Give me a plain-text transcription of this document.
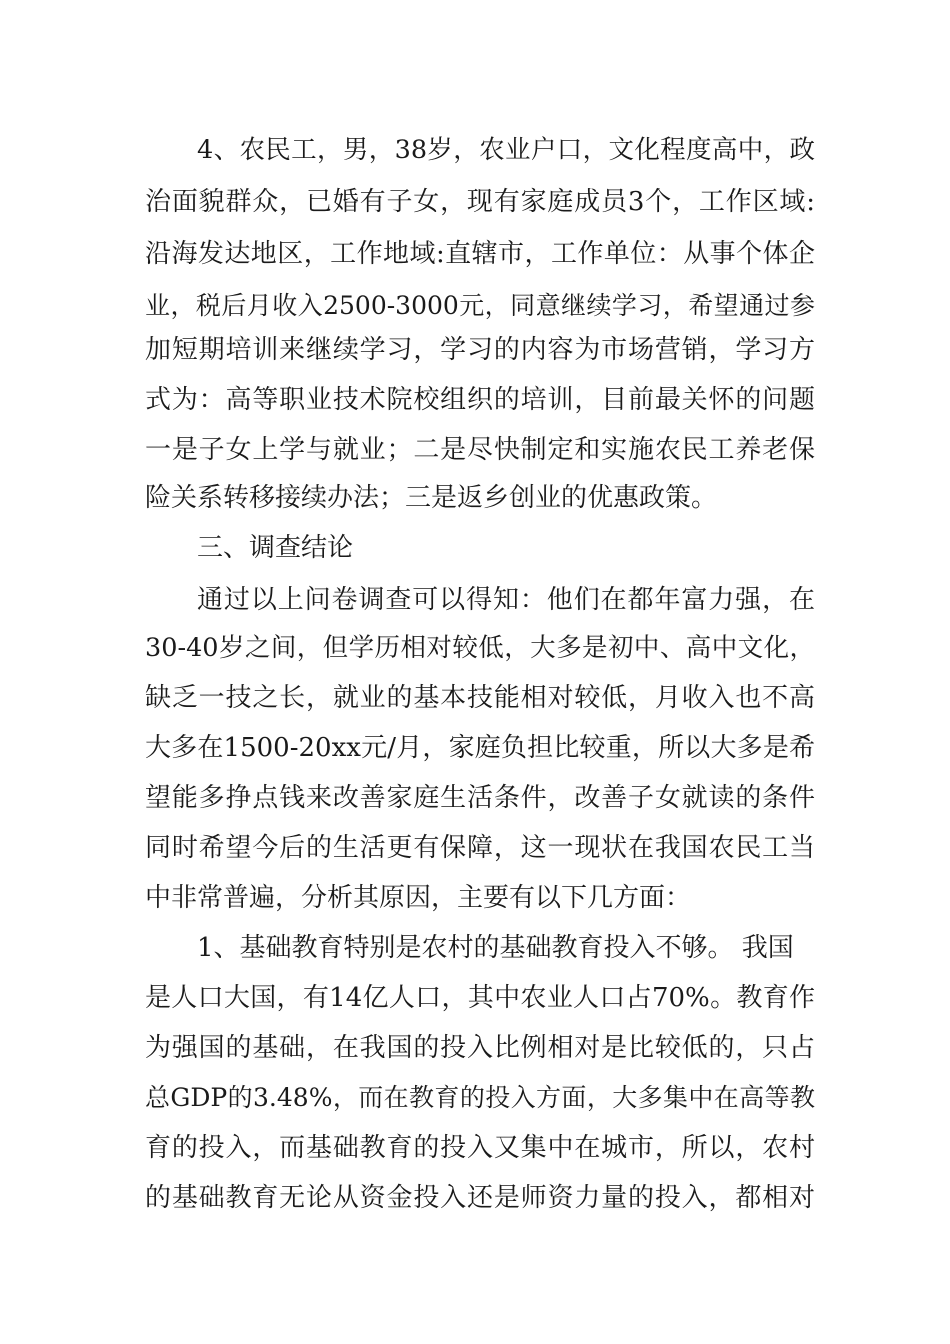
4、农民工，男，38岁，农业户口，文化程度高中，政
治面貌群众，已婚有子女，现有家庭成员3个，工作区域:
沿海发达地区，工作地域:直辖市，工作单位：从事个体企
业，税后月收入2500-3000元，同意继续学习，希望通过参
加短期培训来继续学习，学习的内容为市场营销，学习方
式为：高等职业技术院校组织的培训，目前最关怀的问题
一是子女上学与就业；二是尽快制定和实施农民工养老保
险关系转移接续办法；三是返乡创业的优惠政策。
三、调查结论
通过以上问卷调查可以得知：他们在都年富力强，在
30-40岁之间，但学历相对较低，大多是初中、高中文化，
缺乏一技之长，就业的基本技能相对较低，月收入也不高
大多在1500-20xx元/月，家庭负担比较重，所以大多是希
望能多挣点钱来改善家庭生活条件，改善子女就读的条件
同时希望今后的生活更有保障，这一现状在我国农民工当
中非常普遍，分析其原因，主要有以下几方面：
1、基础教育特别是农村的基础教育投入不够。 我国
是人口大国，有14亿人口，其中农业人口占70%。教育作
为强国的基础，在我国的投入比例相对是比较低的，只占
总GDP的3.48%，而在教育的投入方面，大多集中在高等教
育的投入，而基础教育的投入又集中在城市，所以，农村
的基础教育无论从资金投入还是师资力量的投入，都相对
